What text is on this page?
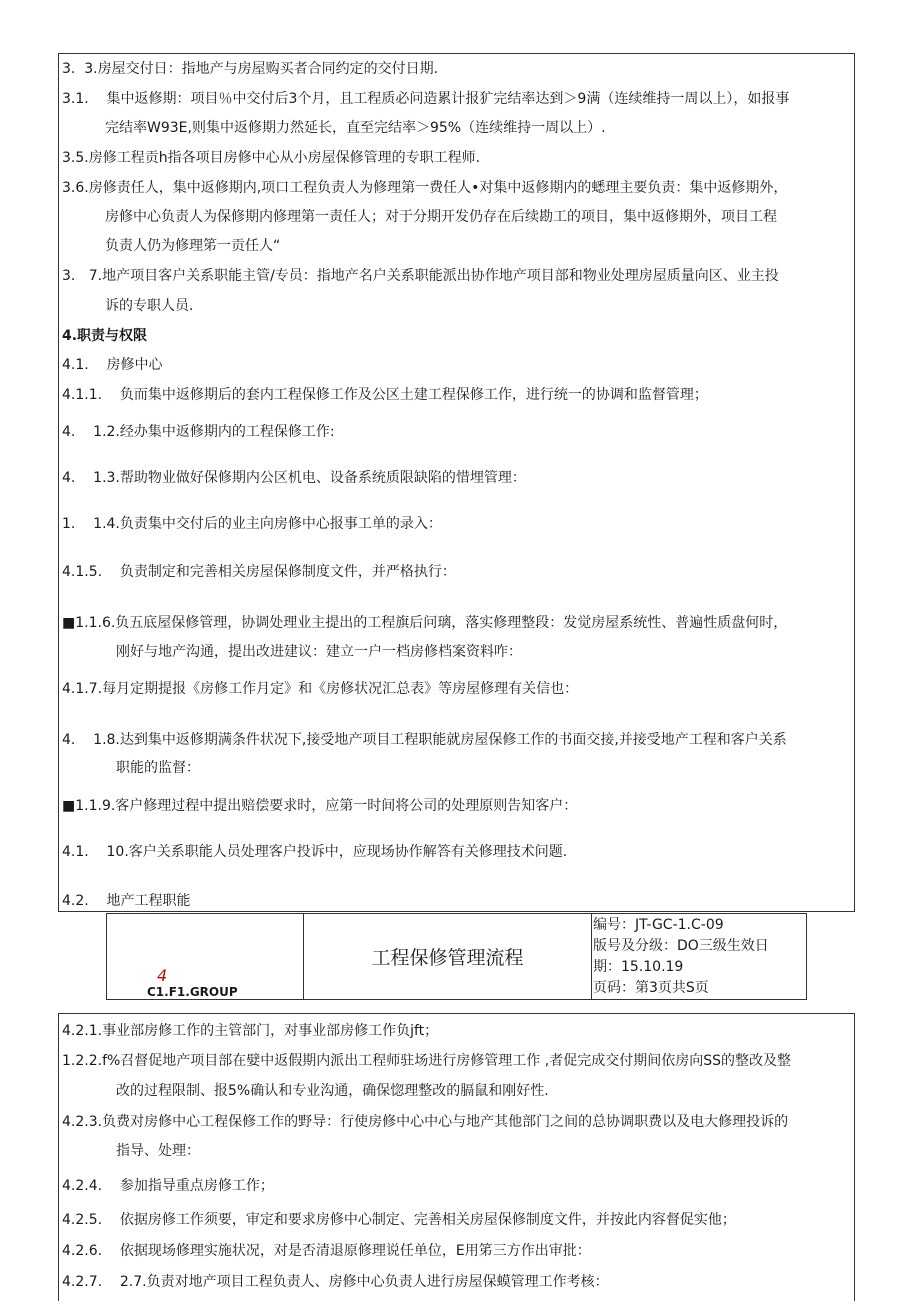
3.  3.房屋交付日：指地产与房屋购买者合同约定的交付日期.
3.1.    集中返修期：项目％中交付后3个月，且工程质必问造累计报犷完结率达到＞9满（连续维持一周以上），如报事
完结率W93E,则集中返修期力然延长，直至完结率＞95%（连续维持一周以上）.
3.5.房修工程贡h指各项目房修中心从小房屋保修管理的专职工程师.
3.6.房修责任人，集中返修期内,项口工程负责人为修理第一费任人•对集中返修期内的蟋理主要负责：集中返修期外，
房修中心负责人为保修期内修理第一责任人；对于分期开发仍存在后续勘工的项目，集中返修期外，项目工程
负责人仍为修理笫一贡任人“
3.   7.地产项目客户关系职能主管/专员：指地产名户关系职能派出协作地产项目部和物业处理房屋质量向区、业主投
诉的专职人员.
4.职责与权限
4.1.    房修中心
4.1.1.    负而集中返修期后的套内工程保修工作及公区土建工程保修工作，进行统一的协调和监督管理；
4.    1.2.经办集中返修期内的工程保修工作:
4.    1.3.帮助物业做好保修期内公区机电、设备系统质限缺陷的惜埋管理：
1.    1.4.负责集中交付后的业主向房修中心报事工单的录入：
4.1.5.    负责制定和完善相关房屋保修制度文件，并严格执行：
■1.1.6.负五底屋保修管理，协调处理业主提出的工程旗后问璃，落实修理整段：发觉房屋系统性、普遍性质盘何时，
刚好与地产沟通，提出改进建议：建立一户一档房修档案资料咋：
4.1.7.每月定期提报《房修工作月定》和《房修状况汇总表》等房屋修理有关信也：
4.    1.8.达到集中返修期满条件状况下,接受地产项目工程职能就房屋保修工作的书面交接,并接受地产工程和客户关系
职能的监督：
■1.1.9.客户修理过程中提出赔偿要求时，应第一时间将公司的处理原则告知客户：
4.1.    10.客户关系职能人员处理客户投诉中，应现场协作解答有关修理技术问题.
4.2.    地产工程职能
4
C1.F1.GROUP
工程保修管理流程
编号：JT-GC-1.C-09
版号及分级：DO三级生效日
期：15.10.19
页码：第3页共S页
4.2.1.事业部房修工作的主管部门，对事业部房修工作负jft；
1.2.2.f%召督促地产项目部在嬖中返假期内派出工程师驻场进行房修管理工作 ,者促完成交付期间依房向SS的整改及整
改的过程限制、报5%确认和专业沟通，确保惚理整改的膈鼠和刚好性.
4.2.3.负费对房修中心工程保修工作的野导：行使房修中心中心与地产其他部门之间的总协调职费以及电大修理投诉的
指导、处理：
4.2.4.    参加指导重点房修工作；
4.2.5.    依据房修工作须要，审定和要求房修中心制定、完善相关房屋保修制度文件，并按此内容督促实他；
4.2.6.    依据现场修理实施状况，对是否清退原修理说任单位，E用笫三方作出审批：
4.2.7.    2.7.负责对地产项目工程负责人、房修中心负责人进行房屋保蟆管理工作考核：
